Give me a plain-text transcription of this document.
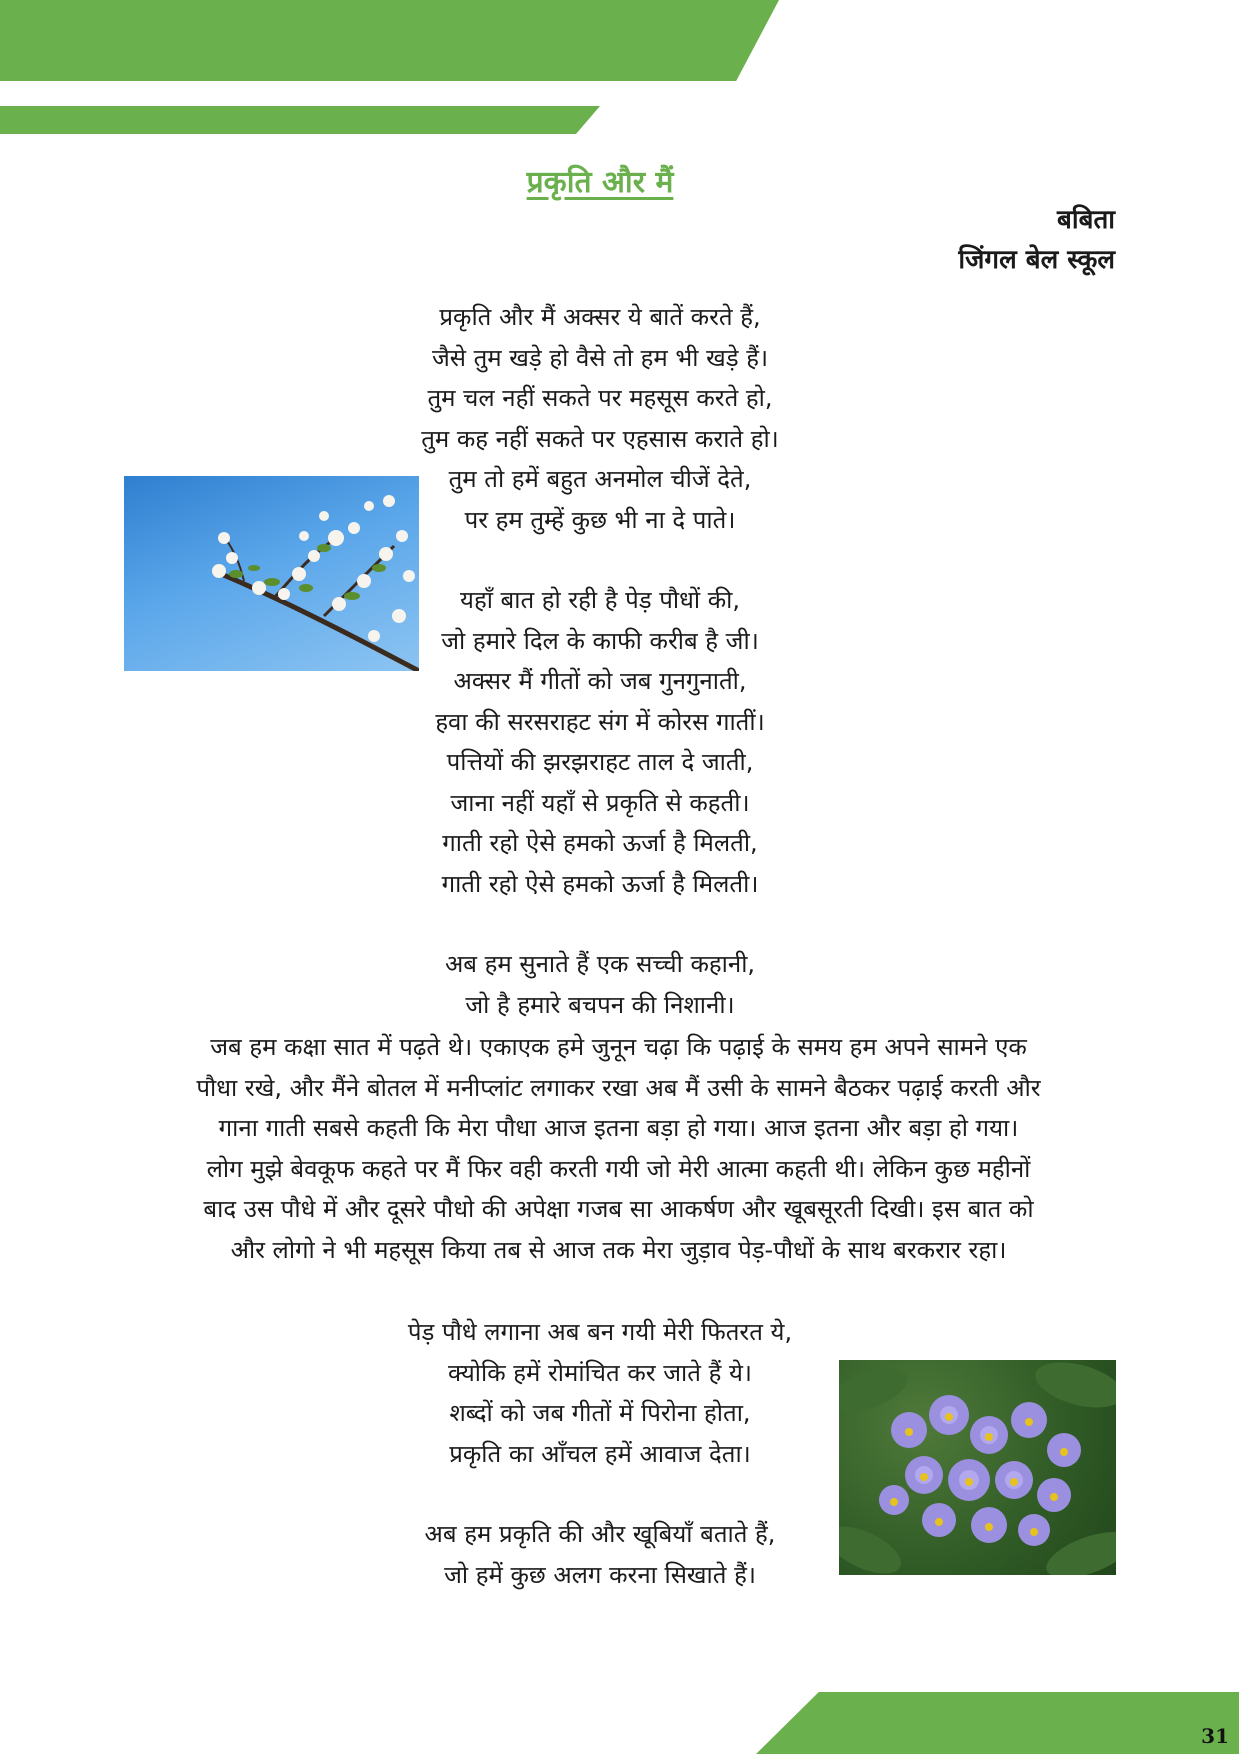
प्रकृति और मैं
बबिता
जिंगल बेल स्कूल
प्रकृति और मैं अक्सर ये बातें करते हैं,
जैसे तुम खड़े हो वैसे तो हम भी खड़े हैं।
तुम चल नहीं सकते पर महसूस करते हो,
तुम कह नहीं सकते पर एहसास कराते हो।
तुम तो हमें बहुत अनमोल चीजें देते,
पर हम तुम्हें कुछ भी ना दे पाते।
यहाँ बात हो रही है पेड़ पौधों की,
जो हमारे दिल के काफी करीब है जी।
अक्सर मैं गीतों को जब गुनगुनाती,
हवा की सरसराहट संग में कोरस गातीं।
पत्तियों की झरझराहट ताल दे जाती,
जाना नहीं यहाँ से प्रकृति से कहती।
गाती रहो ऐसे हमको ऊर्जा है मिलती,
गाती रहो ऐसे हमको ऊर्जा है मिलती।
अब हम सुनाते हैं एक सच्ची कहानी,
जो है हमारे बचपन की निशानी।
जब हम कक्षा सात में पढ़ते थे। एकाएक हमे जुनून चढ़ा कि पढ़ाई के समय हम अपने सामने एक
पौधा रखे, और मैंने बोतल में मनीप्लांट लगाकर रखा अब मैं उसी के सामने बैठकर पढ़ाई करती और
गाना गाती सबसे कहती कि मेरा पौधा आज इतना बड़ा हो गया। आज इतना और बड़ा हो गया।
लोग मुझे बेवकूफ कहते पर मैं फिर वही करती गयी जो मेरी आत्मा कहती थी। लेकिन कुछ महीनों
बाद उस पौधे में और दूसरे पौधो की अपेक्षा गजब सा आकर्षण और खूबसूरती दिखी। इस बात को
और लोगो ने भी महसूस किया तब से आज तक मेरा जुड़ाव पेड़-पौधों के साथ बरकरार रहा।
पेड़ पौधे लगाना अब बन गयी मेरी फितरत ये,
क्योकि हमें रोमांचित कर जाते हैं ये।
शब्दों को जब गीतों में पिरोना होता,
प्रकृति का आँचल हमें आवाज देता।
अब हम प्रकृति की और खूबियाँ बताते हैं,
जो हमें कुछ अलग करना सिखाते हैं।
31
